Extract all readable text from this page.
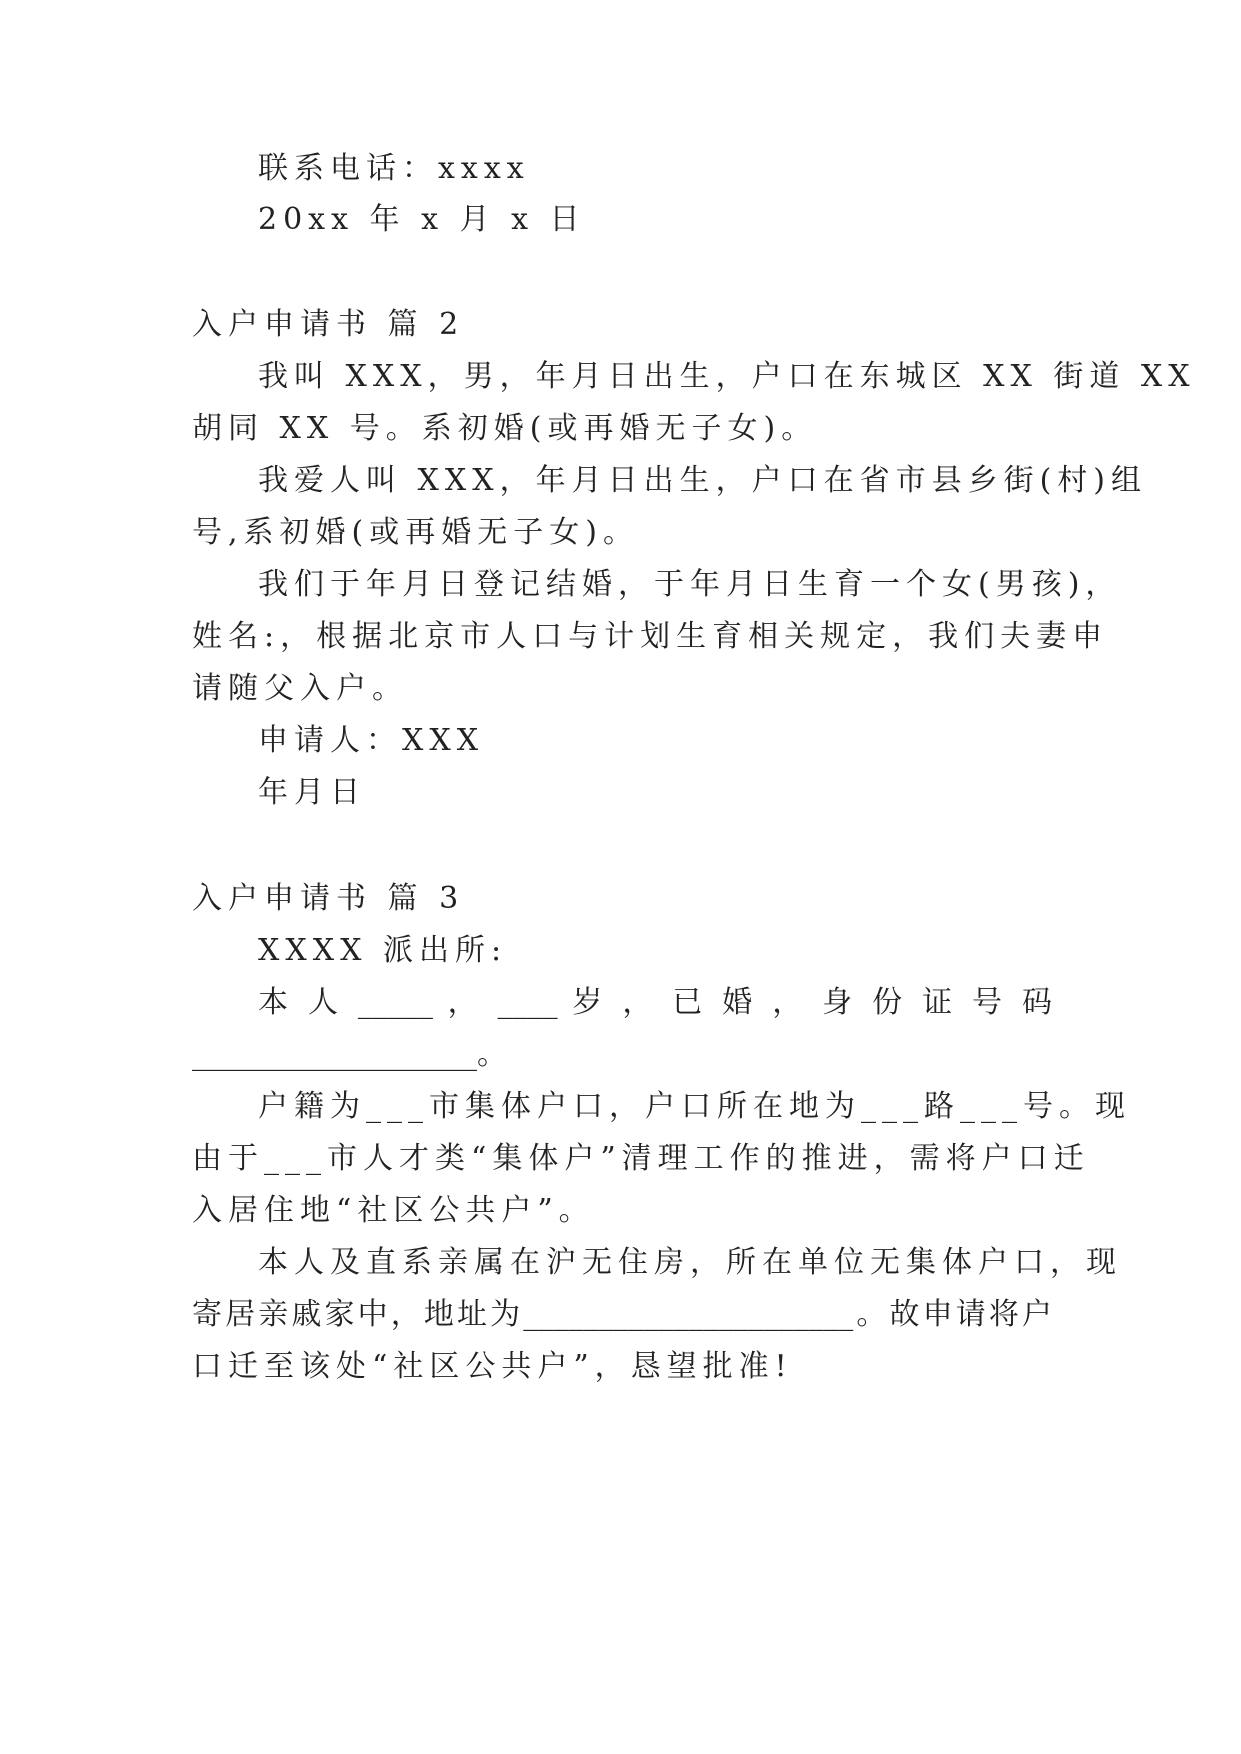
联系电话：xxxx
20xx 年 x 月 x 日
入户申请书 篇 2
我叫 XXX，男，年月日出生，户口在东城区 XX 街道 XX
胡同 XX 号。系初婚(或再婚无子女)。
我爱人叫 XXX，年月日出生，户口在省市县乡街(村)组
号,系初婚(或再婚无子女)。
我们于年月日登记结婚，于年月日生育一个女(男孩)，
姓名:，根据北京市人口与计划生育相关规定，我们夫妻申
请随父入户。
申请人：XXX
年月日
入户申请书 篇 3
XXXX 派出所:
本 人 _____ ， ____ 岁 ， 已 婚 ， 身 份 证 号 码
___________________。
户籍为___市集体户口，户口所在地为___路___号。现
由于___市人才类“集体户”清理工作的推进，需将户口迁
入居住地“社区公共户”。
本人及直系亲属在沪无住房，所在单位无集体户口，现
寄居亲戚家中，地址为______________________。故申请将户
口迁至该处“社区公共户”，恳望批准!
